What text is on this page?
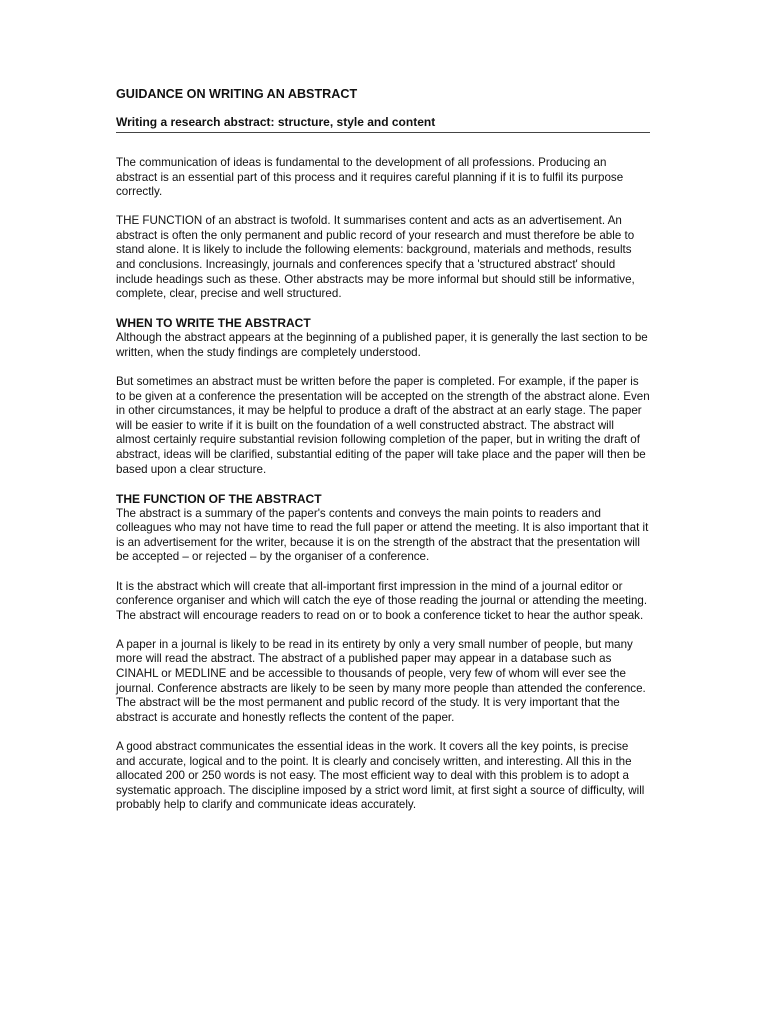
GUIDANCE ON WRITING AN ABSTRACT
Writing a research abstract: structure, style and content

The communication of ideas is fundamental to the development of all professions. Producing an abstract is an essential part of this process and it requires careful planning if it is to fulfil its purpose correctly.

THE FUNCTION of an abstract is twofold. It summarises content and acts as an advertisement. An abstract is often the only permanent and public record of your research and must therefore be able to stand alone. It is likely to include the following elements: background, materials and methods, results and conclusions. Increasingly, journals and conferences specify that a 'structured abstract' should include headings such as these. Other abstracts may be more informal but should still be informative, complete, clear, precise and well structured.

WHEN TO WRITE THE ABSTRACT

Although the abstract appears at the beginning of a published paper, it is generally the last section to be written, when the study findings are completely understood.

But sometimes an abstract must be written before the paper is completed. For example, if the paper is to be given at a conference the presentation will be accepted on the strength of the abstract alone. Even in other circumstances, it may be helpful to produce a draft of the abstract at an early stage. The paper will be easier to write if it is built on the foundation of a well constructed abstract. The abstract will almost certainly require substantial revision following completion of the paper, but in writing the draft of abstract, ideas will be clarified, substantial editing of the paper will take place and the paper will then be based upon a clear structure.

THE FUNCTION OF THE ABSTRACT

The abstract is a summary of the paper's contents and conveys the main points to readers and colleagues who may not have time to read the full paper or attend the meeting. It is also important that it is an advertisement for the writer, because it is on the strength of the abstract that the presentation will be accepted – or rejected – by the organiser of a conference.

It is the abstract which will create that all-important first impression in the mind of a journal editor or conference organiser and which will catch the eye of those reading the journal or attending the meeting. The abstract will encourage readers to read on or to book a conference ticket to hear the author speak.

A paper in a journal is likely to be read in its entirety by only a very small number of people, but many more will read the abstract. The abstract of a published paper may appear in a database such as CINAHL or MEDLINE and be accessible to thousands of people, very few of whom will ever see the journal. Conference abstracts are likely to be seen by many more people than attended the conference. The abstract will be the most permanent and public record of the study. It is very important that the abstract is accurate and honestly reflects the content of the paper.

A good abstract communicates the essential ideas in the work. It covers all the key points, is precise and accurate, logical and to the point. It is clearly and concisely written, and interesting. All this in the allocated 200 or 250 words is not easy. The most efficient way to deal with this problem is to adopt a systematic approach. The discipline imposed by a strict word limit, at first sight a source of difficulty, will probably help to clarify and communicate ideas accurately.
